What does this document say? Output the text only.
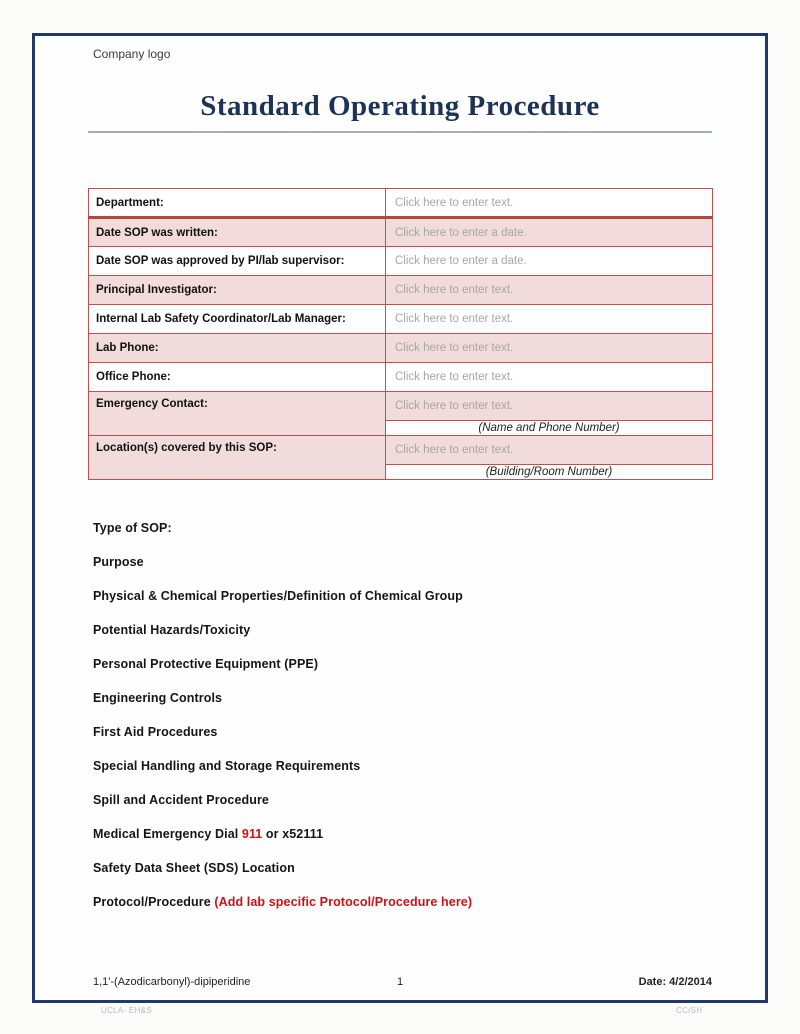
Company logo
Standard Operating Procedure
Department:	Click here to enter text.
Date SOP was written:	Click here to enter a date.
Date SOP was approved by PI/lab supervisor:	Click here to enter a date.
Principal Investigator:	Click here to enter text.
Internal Lab Safety Coordinator/Lab Manager:	Click here to enter text.
Lab Phone:	Click here to enter text.
Office Phone:	Click here to enter text.
Emergency Contact:	Click here to enter text.
	(Name and Phone Number)
Location(s) covered by this SOP:	Click here to enter text.
	(Building/Room Number)
Type of SOP:
Purpose
Physical & Chemical Properties/Definition of Chemical Group
Potential Hazards/Toxicity
Personal Protective Equipment (PPE)
Engineering Controls
First Aid Procedures
Special Handling and Storage Requirements
Spill and Accident Procedure
Medical Emergency Dial 911 or x52111
Safety Data Sheet (SDS) Location
Protocol/Procedure (Add lab specific Protocol/Procedure here)
1,1'-(Azodicarbonyl)-dipiperidine	1	Date: 4/2/2014
UCLA- EH&S	CC/SH
